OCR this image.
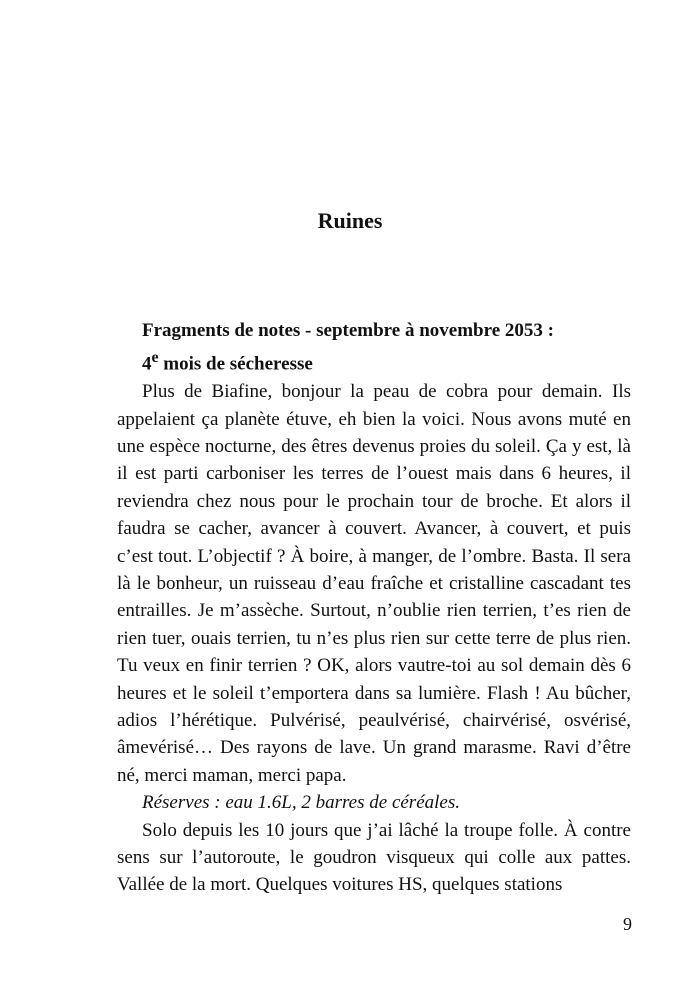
Ruines

Fragments de notes - septembre à novembre 2053 :

4e mois de sécheresse

Plus de Biafine, bonjour la peau de cobra pour demain. Ils appelaient ça planète étuve, eh bien la voici. Nous avons muté en une espèce nocturne, des êtres devenus proies du soleil. Ça y est, là il est parti carboniser les terres de l’ouest mais dans 6 heures, il reviendra chez nous pour le prochain tour de broche. Et alors il faudra se cacher, avancer à couvert. Avancer, à couvert, et puis c’est tout. L’objectif ? À boire, à manger, de l’ombre. Basta. Il sera là le bonheur, un ruisseau d’eau fraîche et cristalline cascadant tes entrailles. Je m’assèche. Surtout, n’oublie rien terrien, t’es rien de rien tuer, ouais terrien, tu n’es plus rien sur cette terre de plus rien. Tu veux en finir terrien ? OK, alors vautre-toi au sol demain dès 6 heures et le soleil t’emportera dans sa lumière. Flash ! Au bûcher, adios l’hérétique. Pulvérisé, peaulvérisé, chairvérisé, osvérisé, âmevérisé… Des rayons de lave. Un grand marasme. Ravi d’être né, merci maman, merci papa.

Réserves : eau 1.6L, 2 barres de céréales.

Solo depuis les 10 jours que j’ai lâché la troupe folle. À contre sens sur l’autoroute, le goudron visqueux qui colle aux pattes. Vallée de la mort. Quelques voitures HS, quelques stations

9
